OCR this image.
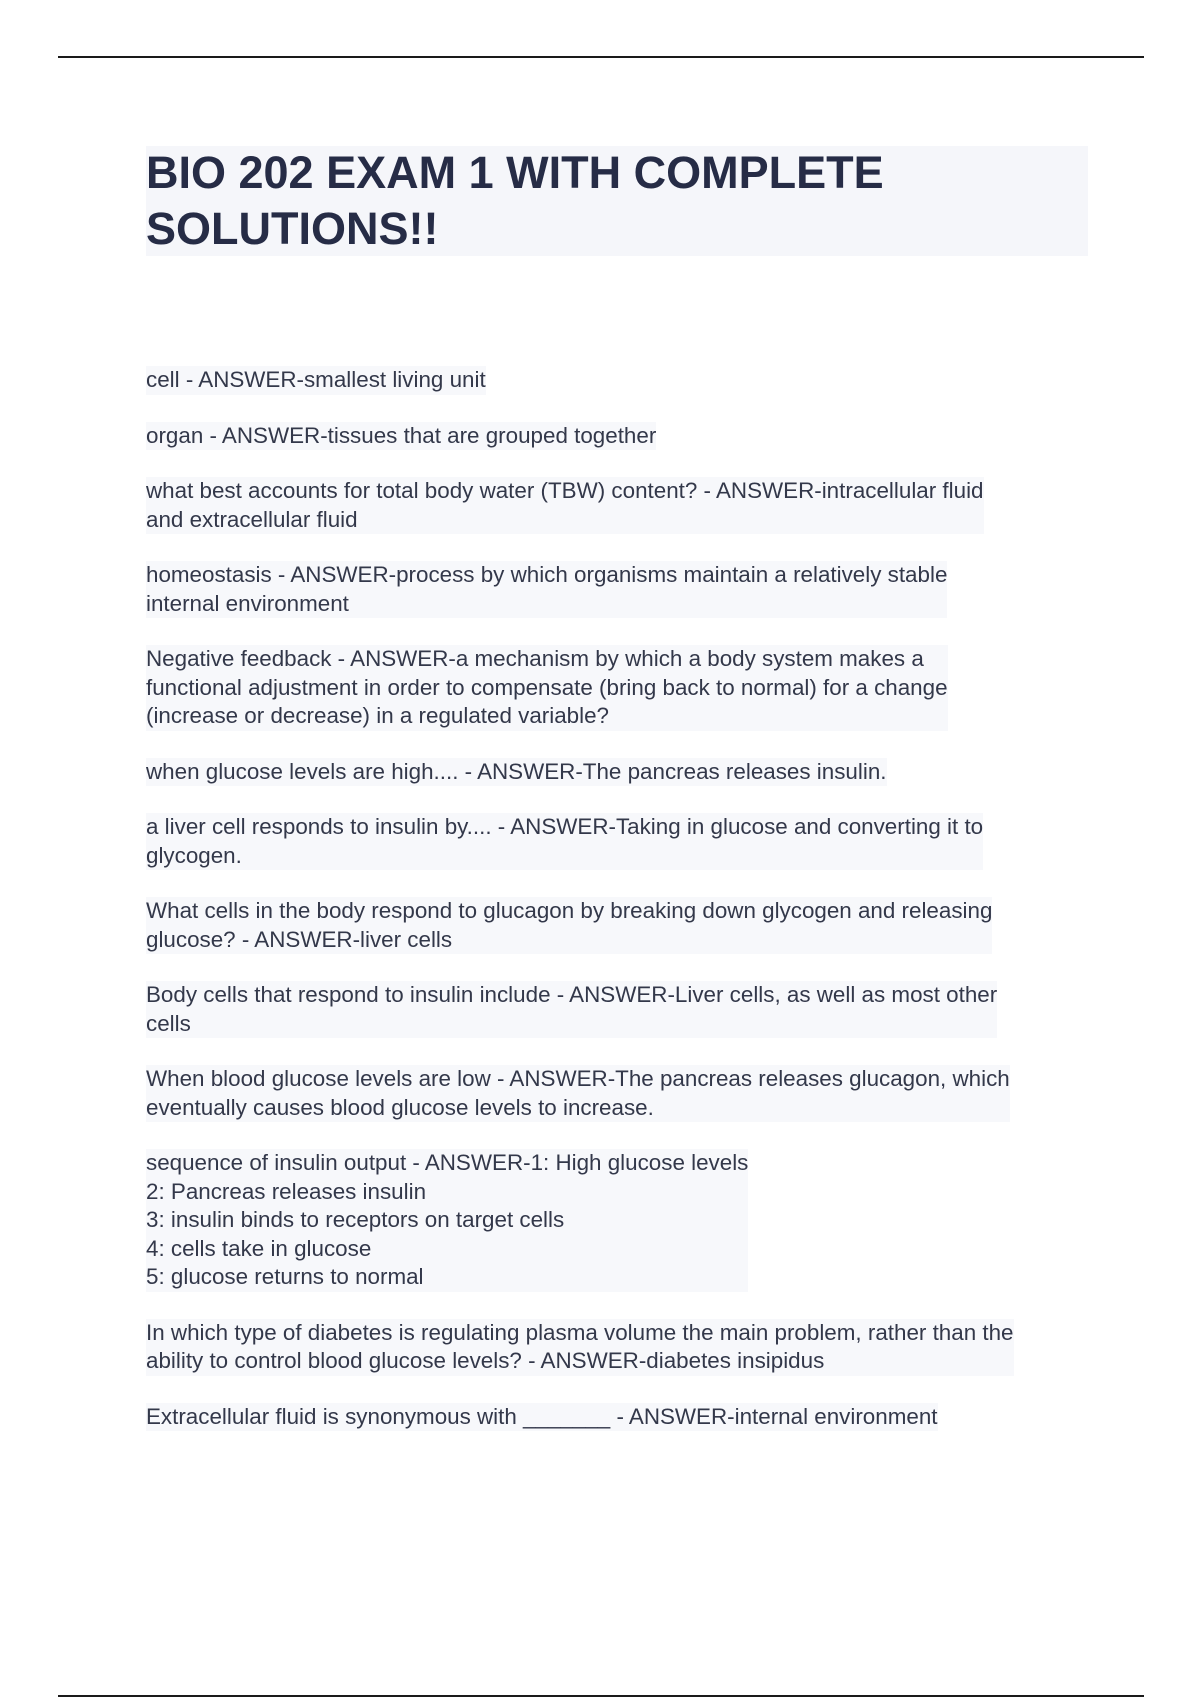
BIO 202 EXAM 1 WITH COMPLETE
SOLUTIONS!!

cell - ANSWER-smallest living unit

organ - ANSWER-tissues that are grouped together

what best accounts for total body water (TBW) content? - ANSWER-intracellular fluid
and extracellular fluid

homeostasis - ANSWER-process by which organisms maintain a relatively stable
internal environment

Negative feedback - ANSWER-a mechanism by which a body system makes a
functional adjustment in order to compensate (bring back to normal) for a change
(increase or decrease) in a regulated variable?

when glucose levels are high.... - ANSWER-The pancreas releases insulin.

a liver cell responds to insulin by.... - ANSWER-Taking in glucose and converting it to
glycogen.

What cells in the body respond to glucagon by breaking down glycogen and releasing
glucose? - ANSWER-liver cells

Body cells that respond to insulin include - ANSWER-Liver cells, as well as most other
cells

When blood glucose levels are low - ANSWER-The pancreas releases glucagon, which
eventually causes blood glucose levels to increase.

sequence of insulin output - ANSWER-1: High glucose levels
2: Pancreas releases insulin
3: insulin binds to receptors on target cells
4: cells take in glucose
5: glucose returns to normal

In which type of diabetes is regulating plasma volume the main problem, rather than the
ability to control blood glucose levels? - ANSWER-diabetes insipidus

Extracellular fluid is synonymous with _______ - ANSWER-internal environment
